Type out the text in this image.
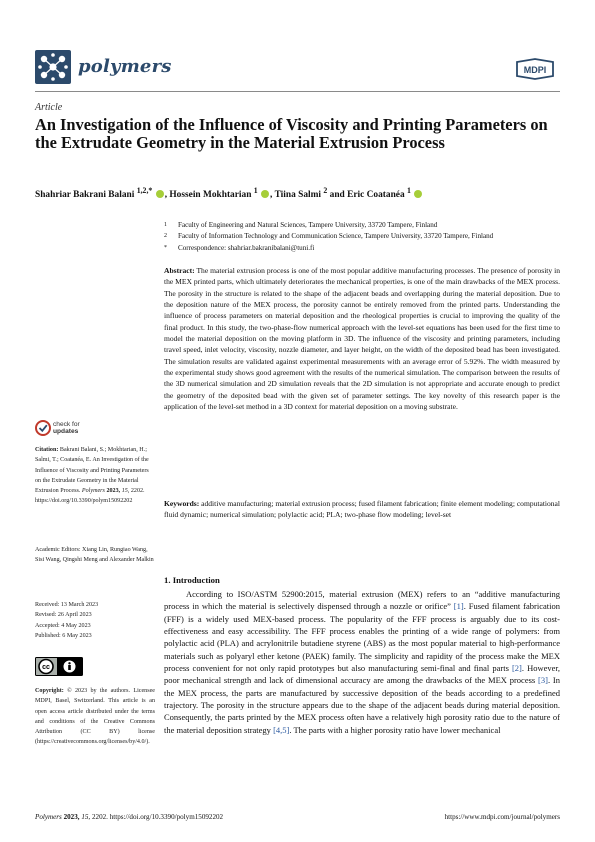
polymers	MDPI
Article
An Investigation of the Influence of Viscosity and Printing Parameters on the Extrudate Geometry in the Material Extrusion Process
Shahriar Bakrani Balani $^{1,2,*}$ , Hossein Mokhtarian $^1$ , Tiina Salmi $^2$ and Eric Coatanéa $^1$
1	Faculty of Engineering and Natural Sciences, Tampere University, 33720 Tampere, Finland
2	Faculty of Information Technology and Communication Science, Tampere University, 33720 Tampere, Finland
*	Correspondence: shahriar.bakranibalani@tuni.fi
Abstract: The material extrusion process is one of the most popular additive manufacturing processes. The presence of porosity in the MEX printed parts, which ultimately deteriorates the mechanical properties, is one of the main drawbacks of the MEX process. The porosity in the structure is related to the shape of the adjacent beads and overlapping during the material deposition. Due to the deposition nature of the MEX process, the porosity cannot be entirely removed from the printed parts. Understanding the influence of process parameters on material deposition and the rheological properties is crucial to improving the quality of the final product. In this study, the two-phase-flow numerical approach with the level-set equations has been used for the first time to model the material deposition on the moving platform in 3D. The influence of the viscosity and printing parameters, including travel speed, inlet velocity, viscosity, nozzle diameter, and layer height, on the width of the deposited bead has been investigated. The simulation results are validated against experimental measurements with an average error of 5.92%. The width measured by the experimental study shows good agreement with the results of the numerical simulation. The comparison between the results of the 3D numerical simulation and 2D simulation reveals that the 2D simulation is not appropriate and accurate enough to predict the geometry of the deposited bead with the given set of parameter settings. The key novelty of this research paper is the application of the level-set method in a 3D context for material deposition on a moving substrate.
Keywords: additive manufacturing; material extrusion process; fused filament fabrication; finite element modeling; computational fluid dynamic; numerical simulation; polylactic acid; PLA; two-phase flow modeling; level-set
check for
updates
Citation: Bakrani Balani, S.; Mokhtarian, H.; Salmi, T.; Coatanéa, E. An Investigation of the Influence of Viscosity and Printing Parameters on the Extrudate Geometry in the Material Extrusion Process. Polymers 2023, 15, 2202. https://doi.org/10.3390/polym15092202
Academic Editors: Xiang Lin, Rungiao Wang, Sisi Wang, Qingshi Meng and Alexander Malkin
Received: 13 March 2023
Revised: 26 April 2023
Accepted: 4 May 2023
Published: 6 May 2023
cc
Copyright: © 2023 by the authors. Licensee MDPI, Basel, Switzerland. This article is an open access article distributed under the terms and conditions of the Creative Commons Attribution (CC BY) license (https://creativecommons.org/licenses/by/4.0/).
1. Introduction
According to ISO/ASTM 52900:2015, material extrusion (MEX) refers to an “additive manufacturing process in which the material is selectively dispensed through a nozzle or orifice” [1]. Fused filament fabrication (FFF) is a widely used MEX-based process. The popularity of the FFF process is arguably due to its cost-effectiveness and easy accessibility. The FFF process enables the printing of a wide range of polymers: from polylactic acid (PLA) and acrylonitrile butadiene styrene (ABS) as the most popular material to high-performance materials such as polyaryl ether ketone (PAEK) family. The simplicity and rapidity of the process make the MEX process convenient for not only rapid prototypes but also manufacturing semi-final and final parts [2]. However, poor mechanical strength and lack of dimensional accuracy are among the drawbacks of the MEX process [3]. In the MEX process, the parts are manufactured by successive deposition of the beads according to a predefined trajectory. The porosity in the structure appears due to the shape of the adjacent beads during material deposition. Consequently, the parts printed by the MEX process often have a relatively high porosity ratio due to the nature of the material deposition strategy [4,5]. The parts with a higher porosity ratio have lower mechanical
Polymers 2023, 15, 2202. https://doi.org/10.3390/polym15092202	https://www.mdpi.com/journal/polymers
